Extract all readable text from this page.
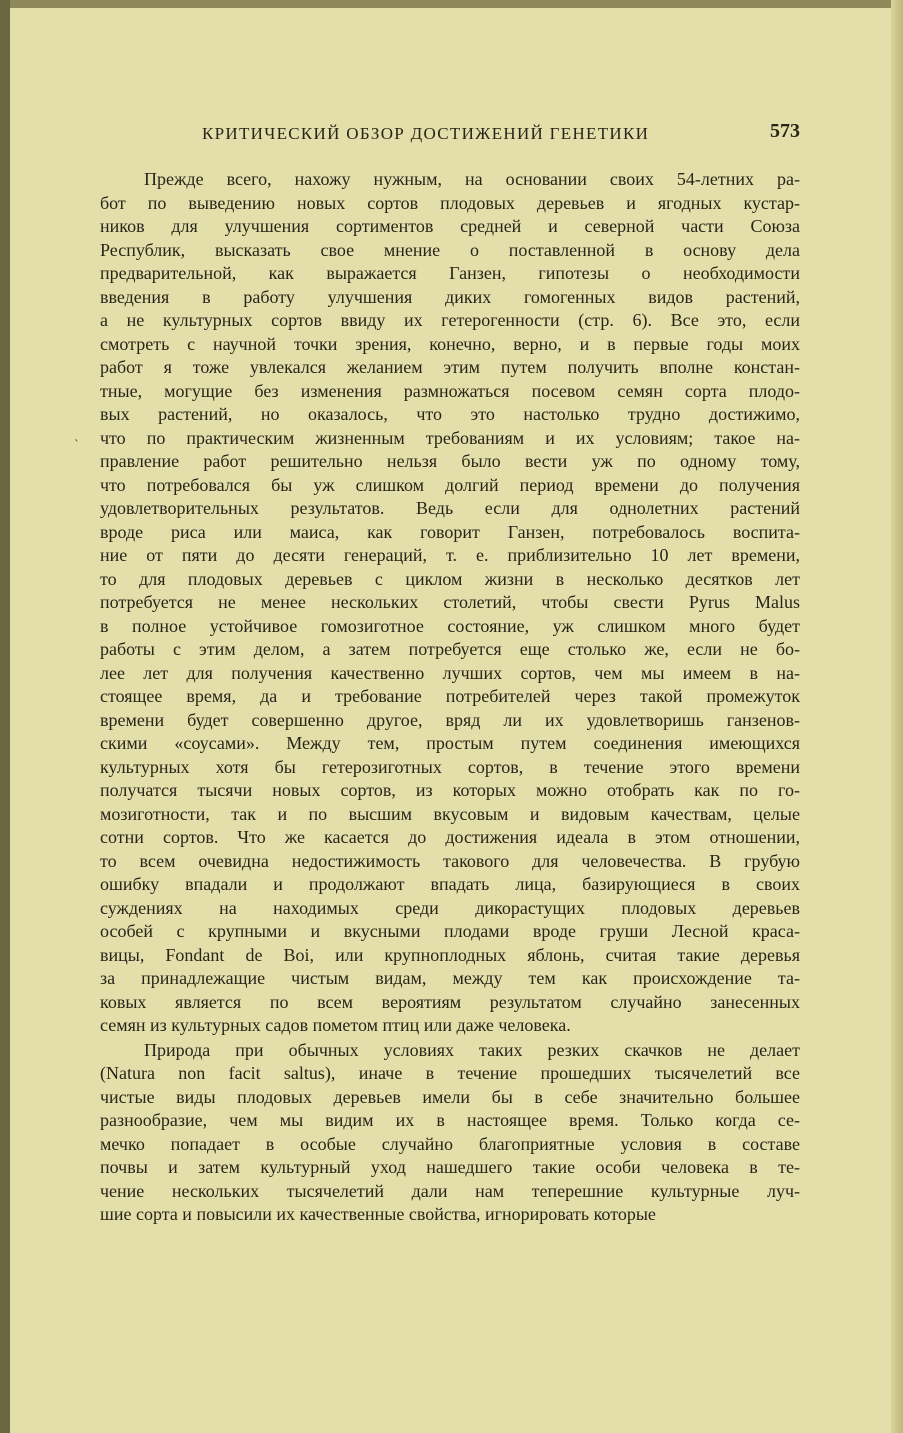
КРИТИЧЕСКИЙ ОБЗОР ДОСТИЖЕНИЙ ГЕНЕТИКИ	573
`
Прежде всего, нахожу нужным, на основании своих 54-летних ра-
бот по выведению новых сортов плодовых деревьев и ягодных кустар-
ников для улучшения сортиментов средней и северной части Союза
Республик, высказать свое мнение о поставленной в основу дела
предварительной, как выражается Ганзен, гипотезы о необходимости
введения в работу улучшения диких гомогенных видов растений,
а не культурных сортов ввиду их гетерогенности (стр. 6). Все это, если
смотреть с научной точки зрения, конечно, верно, и в первые годы моих
работ я тоже увлекался желанием этим путем получить вполне констан-
тные, могущие без изменения размножаться посевом семян сорта плодо-
вых растений, но оказалось, что это настолько трудно достижимо,
что по практическим жизненным требованиям и их условиям; такое на-
правление работ решительно нельзя было вести уж по одному тому,
что потребовался бы уж слишком долгий период времени до получения
удовлетворительных результатов. Ведь если для однолетних растений
вроде риса или маиса, как говорит Ганзен, потребовалось воспита-
ние от пяти до десяти генераций, т. е. приблизительно 10 лет времени,
то для плодовых деревьев с циклом жизни в несколько десятков лет
потребуется не менее нескольких столетий, чтобы свести Pyrus Malus
в полное устойчивое гомозиготное состояние, уж слишком много будет
работы с этим делом, а затем потребуется еще столько же, если не бо-
лее лет для получения качественно лучших сортов, чем мы имеем в на-
стоящее время, да и требование потребителей через такой промежуток
времени будет совершенно другое, вряд ли их удовлетворишь ганзенов-
скими «соусами». Между тем, простым путем соединения имеющихся
культурных хотя бы гетерозиготных сортов, в течение этого времени
получатся тысячи новых сортов, из которых можно отобрать как по го-
мозиготности, так и по высшим вкусовым и видовым качествам, целые
сотни сортов. Что же касается до достижения идеала в этом отношении,
то всем очевидна недостижимость такового для человечества. В грубую
ошибку впадали и продолжают впадать лица, базирующиеся в своих
суждениях на находимых среди дикорастущих плодовых деревьев
особей с крупными и вкусными плодами вроде груши Лесной краса-
вицы, Fondant de Boi, или крупноплодных яблонь, считая такие деревья
за принадлежащие чистым видам, между тем как происхождение та-
ковых является по всем вероятиям результатом случайно занесенных
семян из культурных садов пометом птиц или даже человека.
Природа при обычных условиях таких резких скачков не делает
(Natura non facit saltus), иначе в течение прошедших тысячелетий все
чистые виды плодовых деревьев имели бы в себе значительно большее
разнообразие, чем мы видим их в настоящее время. Только когда се-
мечко попадает в особые случайно благоприятные условия в составе
почвы и затем культурный уход нашедшего такие особи человека в те-
чение нескольких тысячелетий дали нам теперешние культурные луч-
шие сорта и повысили их качественные свойства, игнорировать которые
